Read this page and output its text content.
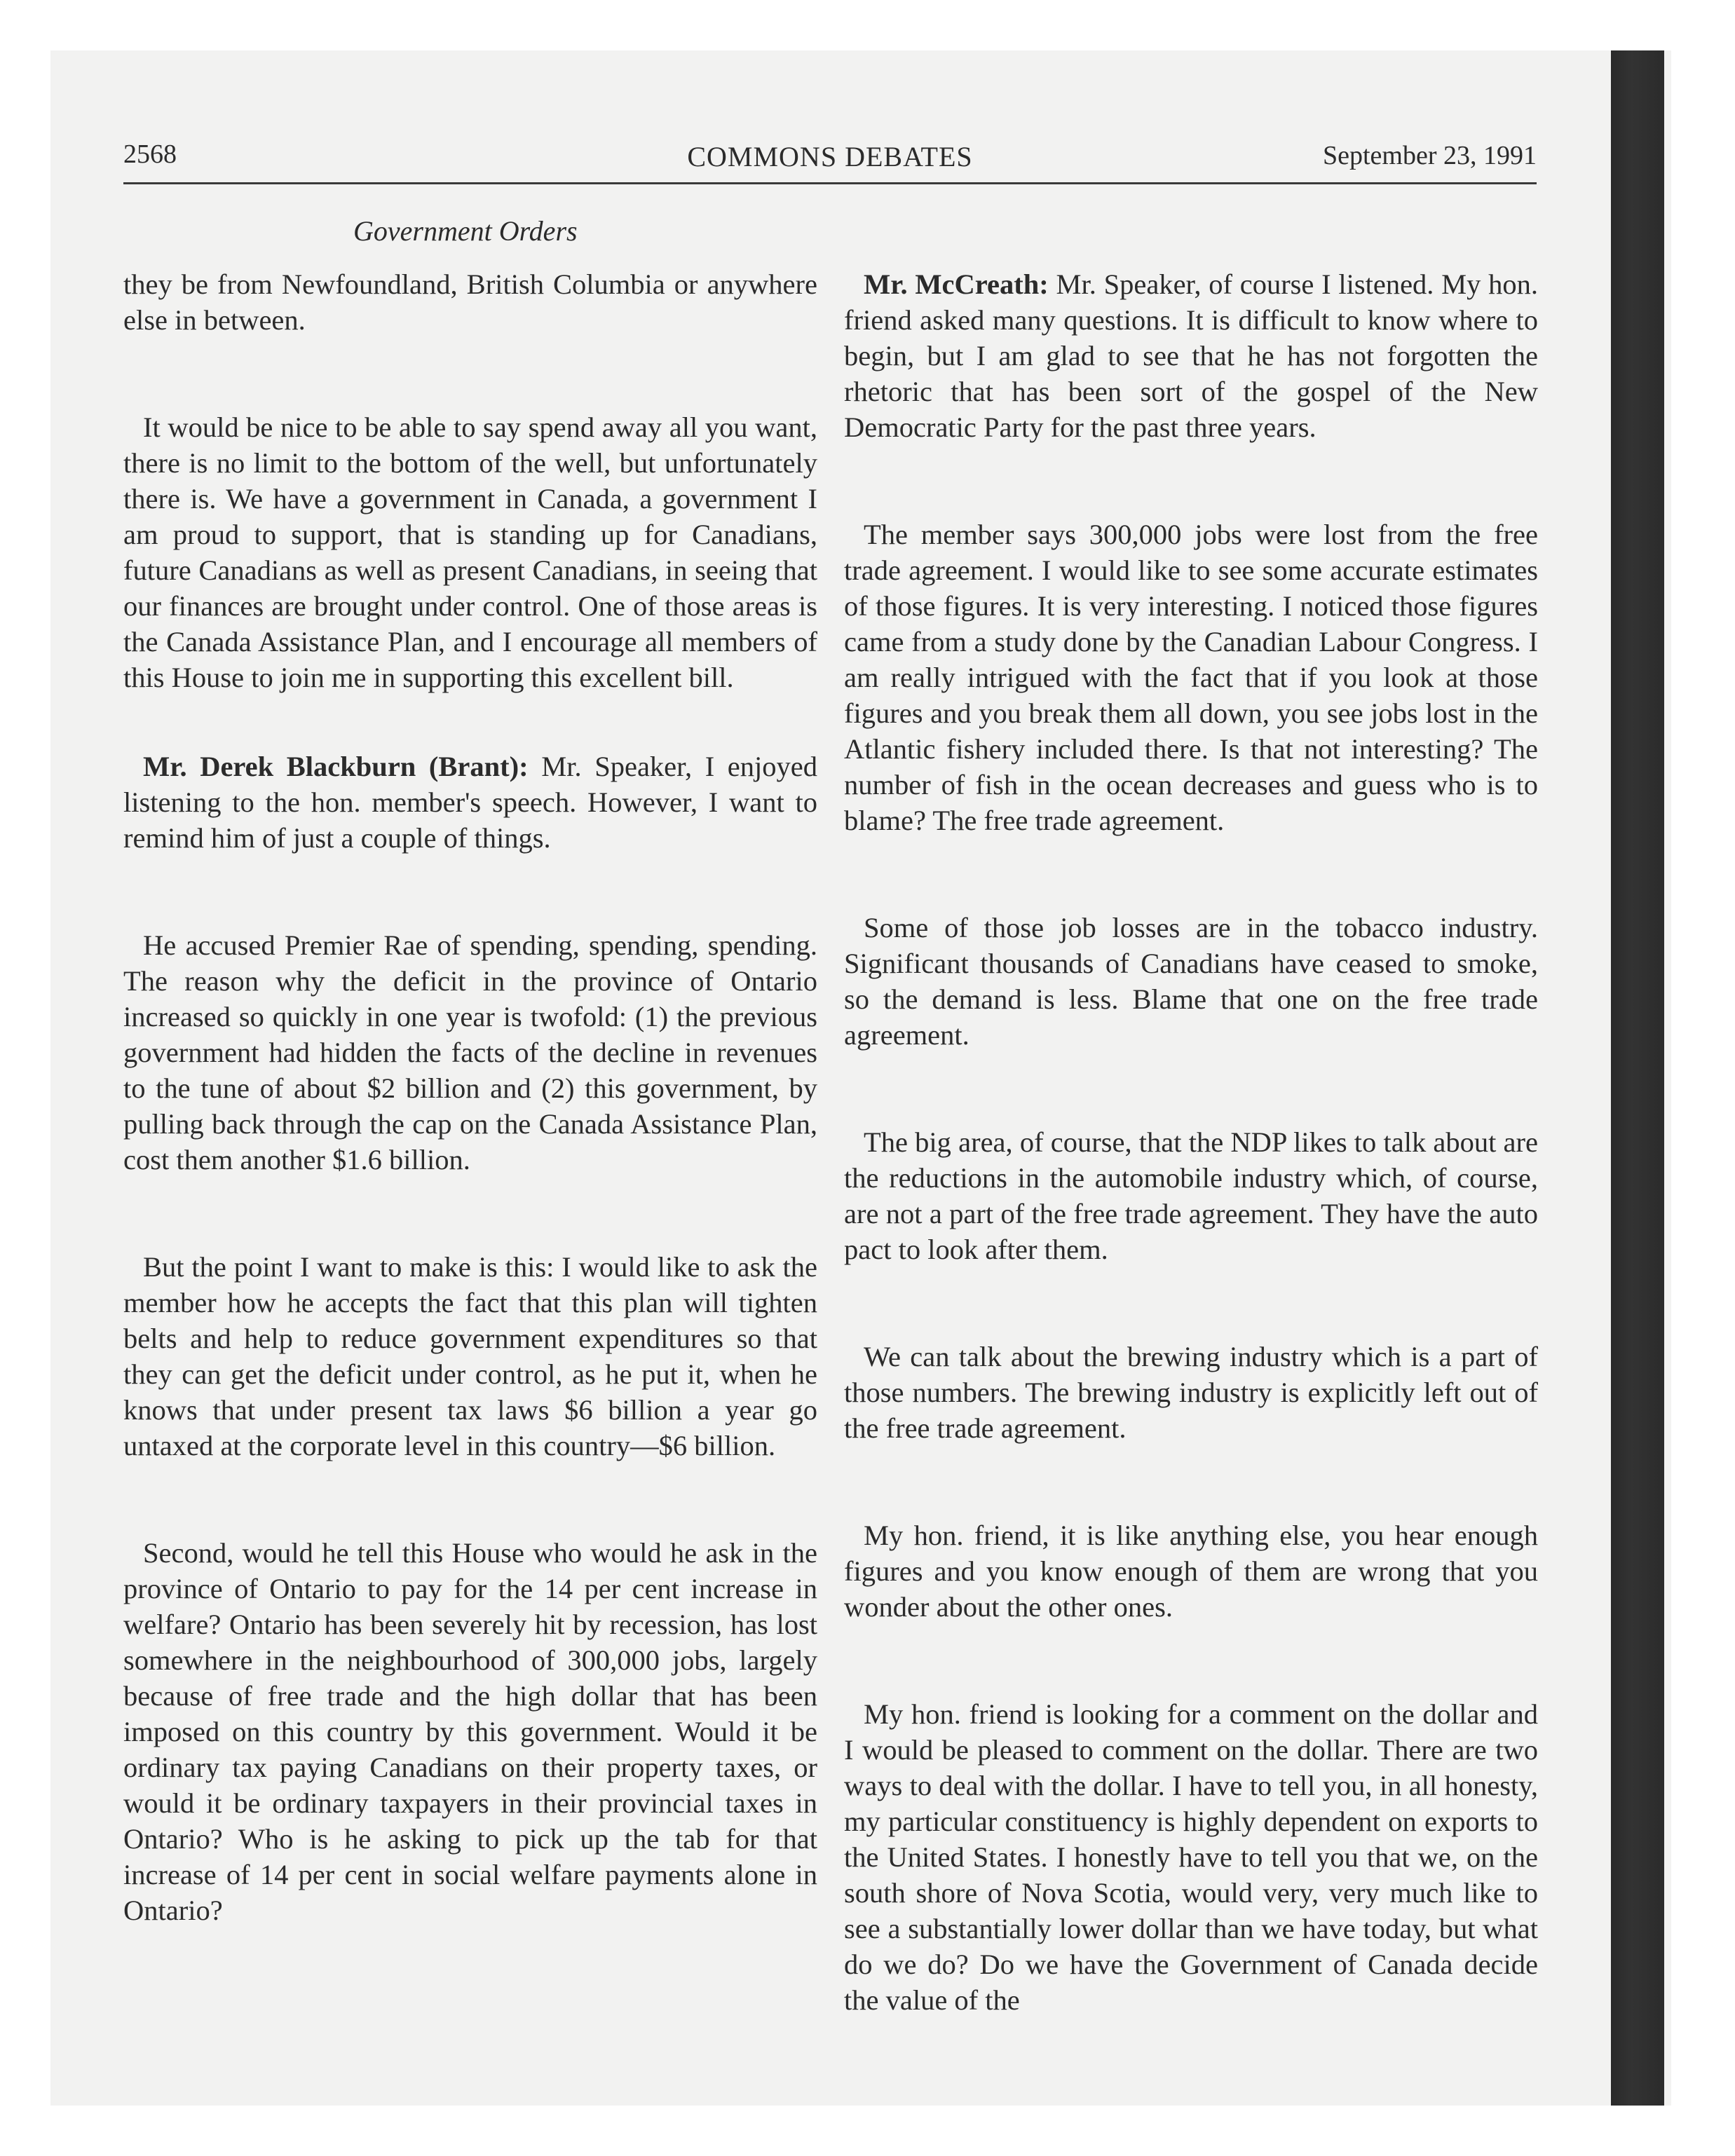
2568	COMMONS DEBATES	September 23, 1991
Government Orders

they be from Newfoundland, British Columbia or anywhere else in between.

It would be nice to be able to say spend away all you want, there is no limit to the bottom of the well, but unfortunately there is. We have a government in Canada, a government I am proud to support, that is standing up for Canadians, future Canadians as well as present Canadians, in seeing that our finances are brought under control. One of those areas is the Canada Assistance Plan, and I encourage all members of this House to join me in supporting this excellent bill.

Mr. Derek Blackburn (Brant): Mr. Speaker, I enjoyed listening to the hon. member's speech. However, I want to remind him of just a couple of things.

He accused Premier Rae of spending, spending, spending. The reason why the deficit in the province of Ontario increased so quickly in one year is twofold: (1) the previous government had hidden the facts of the decline in revenues to the tune of about $2 billion and (2) this government, by pulling back through the cap on the Canada Assistance Plan, cost them another $1.6 billion.

But the point I want to make is this: I would like to ask the member how he accepts the fact that this plan will tighten belts and help to reduce government expenditures so that they can get the deficit under control, as he put it, when he knows that under present tax laws $6 billion a year go untaxed at the corporate level in this country—$6 billion.

Second, would he tell this House who would he ask in the province of Ontario to pay for the 14 per cent increase in welfare? Ontario has been severely hit by recession, has lost somewhere in the neighbourhood of 300,000 jobs, largely because of free trade and the high dollar that has been imposed on this country by this government. Would it be ordinary tax paying Canadians on their property taxes, or would it be ordinary taxpayers in their provincial taxes in Ontario? Who is he asking to pick up the tab for that increase of 14 per cent in social welfare payments alone in Ontario?

Mr. McCreath: Mr. Speaker, of course I listened. My hon. friend asked many questions. It is difficult to know where to begin, but I am glad to see that he has not forgotten the rhetoric that has been sort of the gospel of the New Democratic Party for the past three years.

The member says 300,000 jobs were lost from the free trade agreement. I would like to see some accurate estimates of those figures. It is very interesting. I noticed those figures came from a study done by the Canadian Labour Congress. I am really intrigued with the fact that if you look at those figures and you break them all down, you see jobs lost in the Atlantic fishery included there. Is that not interesting? The number of fish in the ocean decreases and guess who is to blame? The free trade agreement.

Some of those job losses are in the tobacco industry. Significant thousands of Canadians have ceased to smoke, so the demand is less. Blame that one on the free trade agreement.

The big area, of course, that the NDP likes to talk about are the reductions in the automobile industry which, of course, are not a part of the free trade agreement. They have the auto pact to look after them.

We can talk about the brewing industry which is a part of those numbers. The brewing industry is explicitly left out of the free trade agreement.

My hon. friend, it is like anything else, you hear enough figures and you know enough of them are wrong that you wonder about the other ones.

My hon. friend is looking for a comment on the dollar and I would be pleased to comment on the dollar. There are two ways to deal with the dollar. I have to tell you, in all honesty, my particular constituency is highly dependent on exports to the United States. I honestly have to tell you that we, on the south shore of Nova Scotia, would very, very much like to see a substantially lower dollar than we have today, but what do we do? Do we have the Government of Canada decide the value of the
